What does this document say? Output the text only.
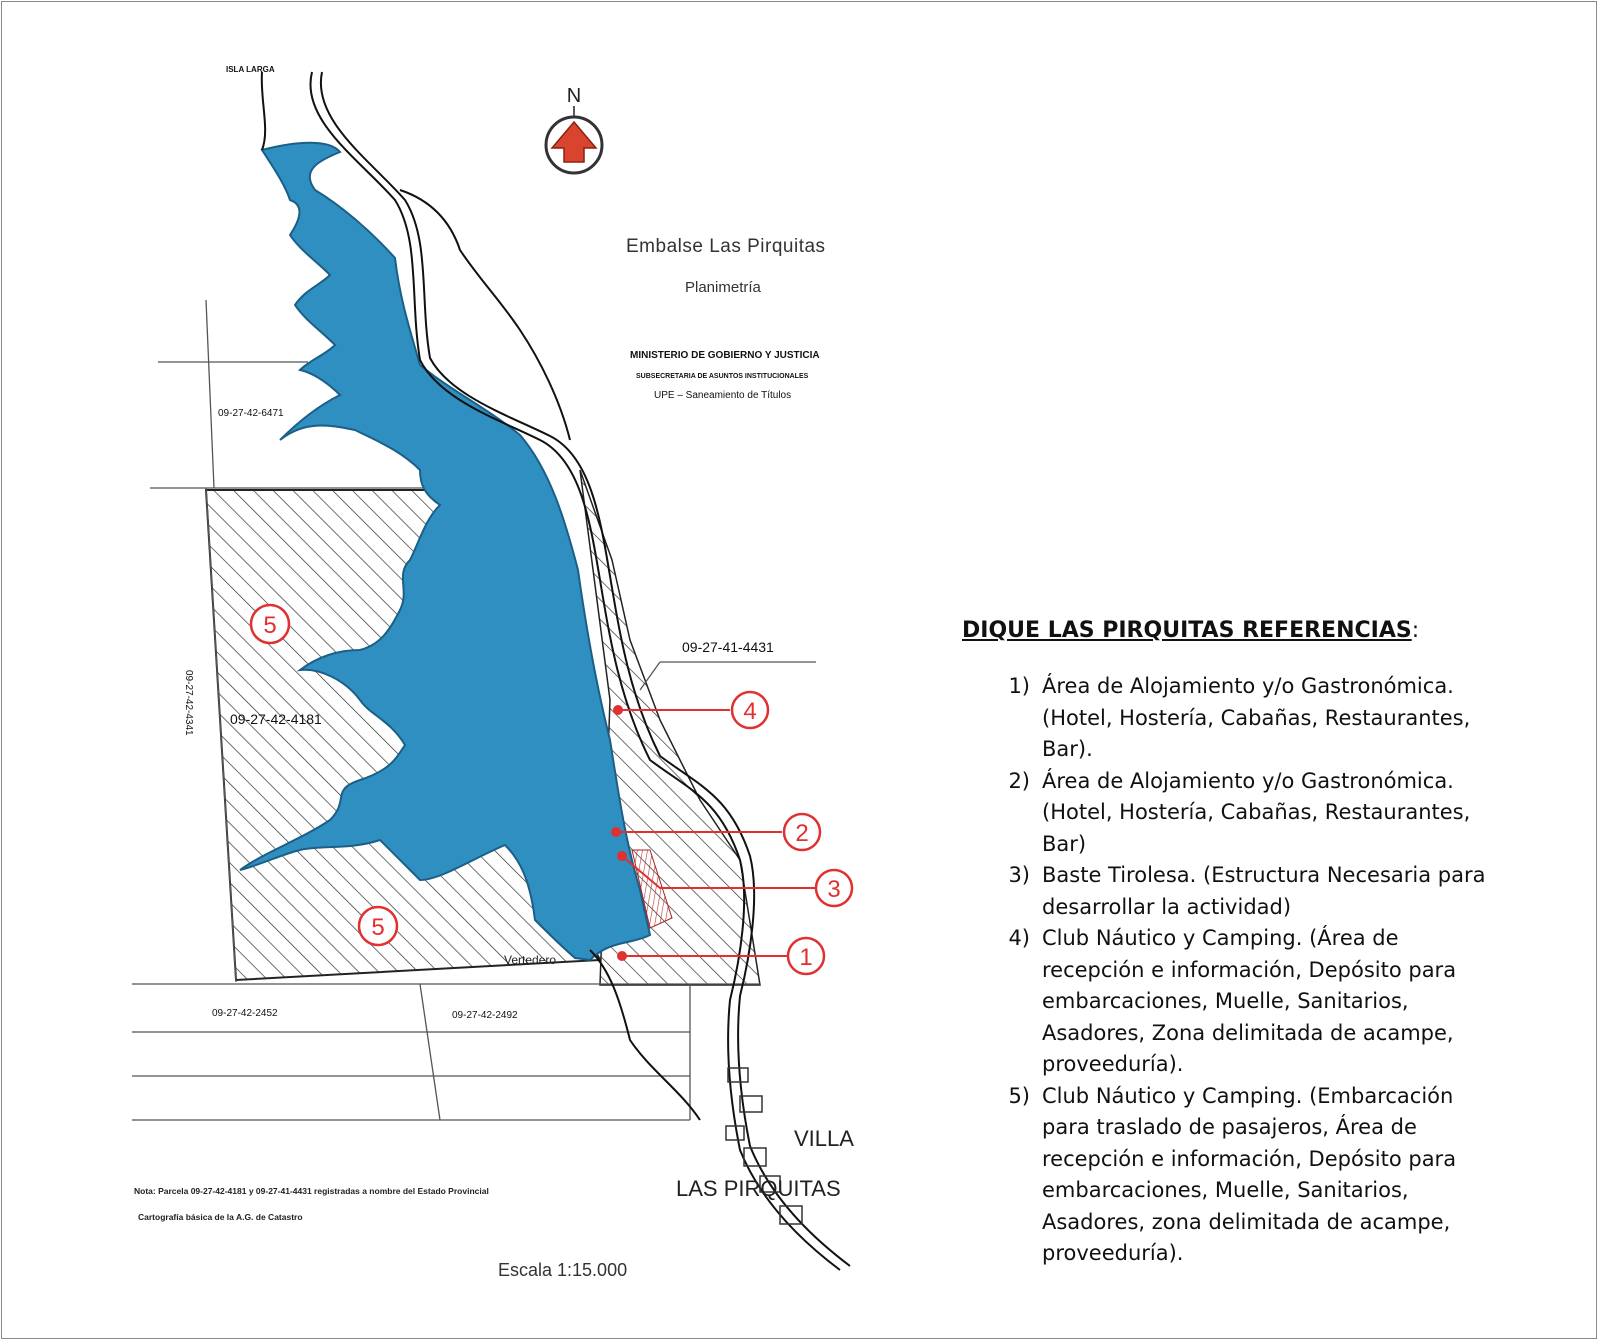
N
Embalse Las Pirquitas
Planimetría
MINISTERIO DE GOBIERNO Y JUSTICIA
SUBSECRETARIA DE ASUNTOS INSTITUCIONALES
UPE – Saneamiento de Títulos
09-27-42-6471
09-27-41-4431
09-27-42-4181
09-27-42-4341
09-27-42-2452	09-27-42-2492
ISLA LARGA
Vertedero
VILLA
LAS PIRQUITAS
Nota: Parcela 09-27-42-4181 y 09-27-41-4431 registradas a nombre del Estado Provincial
Cartografía básica de la A.G. de Catastro
Escala 1:15.000
4
2
3
1
5
5
DIQUE LAS PIRQUITAS REFERENCIAS:
1) Área de Alojamiento y/o Gastronómica.
(Hotel, Hostería, Cabañas, Restaurantes, Bar).
2) Área de Alojamiento y/o Gastronómica.
(Hotel, Hostería, Cabañas, Restaurantes, Bar)
3) Baste Tirolesa. (Estructura Necesaria para
desarrollar la actividad)
4) Club Náutico y Camping. (Área de
recepción e información, Depósito para embarcaciones, Muelle, Sanitarios, Asadores, Zona delimitada de acampe, proveeduría).
5) Club Náutico y Camping. (Embarcación
para traslado de pasajeros, Área de recepción e información, Depósito para embarcaciones, Muelle, Sanitarios, Asadores, zona delimitada de acampe, proveeduría).
